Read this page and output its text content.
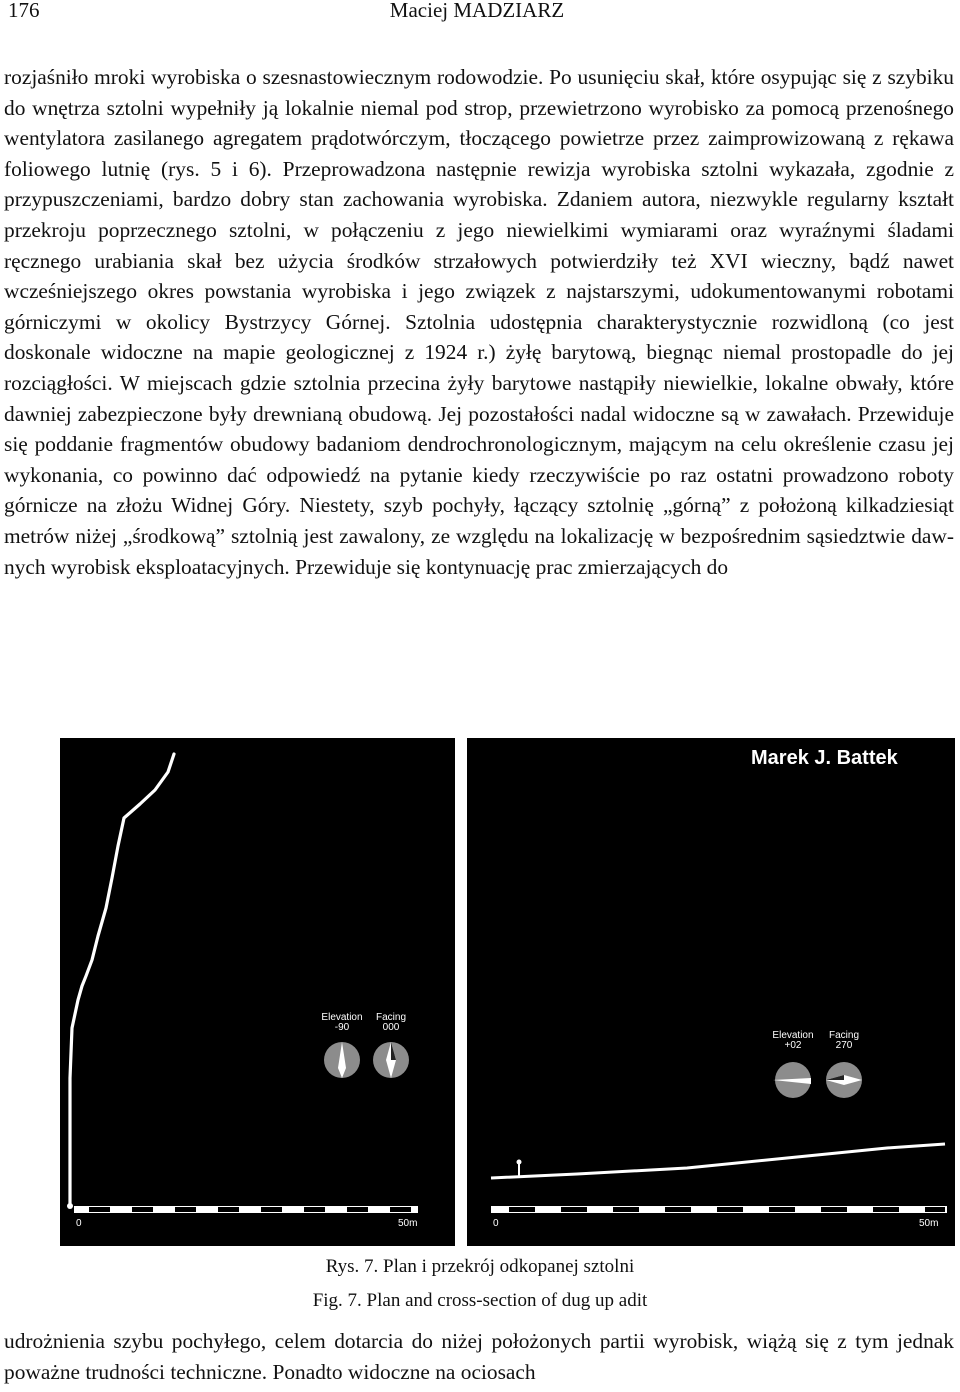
176	Maciej MADZIARZ

rozjaśniło mroki wyrobiska o szesnastowiecznym rodowodzie. Po usunięciu skał, które osypując się z szybiku do wnętrza sztolni wypełniły ją lokalnie niemal pod strop, przewietrzono wyrobisko za pomocą przenośnego wentylatora zasilanego agregatem prądotwórczym, tłoczącego powietrze przez zaimprowizowaną z rękawa foliowego lutnię (rys. 5 i 6). Przeprowadzona następnie rewizja wyrobiska sztolni wykazała, zgodnie z przypuszczeniami, bardzo dobry stan zachowania wyrobiska. Zdaniem autora, niezwykle regularny kształt przekroju poprzecznego sztolni, w połączeniu z jego niewielkimi wymiarami oraz wyraźnymi śladami ręcznego urabiania skał bez użycia środków strzałowych potwierdziły też XVI wieczny, bądź nawet wcześniejszego okres powstania wyrobiska i jego związek z najstarszymi, udokumentowanymi robotami górniczymi w okolicy Bystrzycy Górnej. Sztolnia udostępnia charakterystycznie rozwidloną (co jest doskonale widoczne na mapie geologicznej z 1924 r.) żyłę barytową, biegnąc niemal prostopadle do jej rozciągłości. W miejscach gdzie sztolnia przecina żyły barytowe nastąpiły niewielkie, lokalne obwały, które dawniej zabezpieczone były drewnianą obudową. Jej pozostałości nadal widoczne są w zawałach. Przewiduje się poddanie fragmentów obudowy badaniom dendrochronologicznym, mającym na celu określenie czasu jej wykonania, co powinno dać odpowiedź na pytanie kiedy rzeczywiście po raz ostatni prowadzono roboty górnicze na złożu Widnej Góry. Niestety, szyb pochyły, łączący sztolnię „górną” z położoną kilkadziesiąt metrów niżej „środkową” sztolnią jest zawalony, ze względu na lokalizację w bezpośrednim sąsiedztwie dawnych wyrobisk eksploatacyjnych. Przewiduje się kontynuację prac zmierzających do

Elevation
-90
Facing
000
0	50m
Marek J. Battek
Elevation
+02
Facing
270
0	50m
Rys. 7. Plan i przekrój odkopanej sztolni
Fig. 7. Plan and cross-section of dug up adit

udrożnienia szybu pochyłego, celem dotarcia do niżej położonych partii wyrobisk, wiążą się z tym jednak poważne trudności techniczne. Ponadto widoczne na ociosach
